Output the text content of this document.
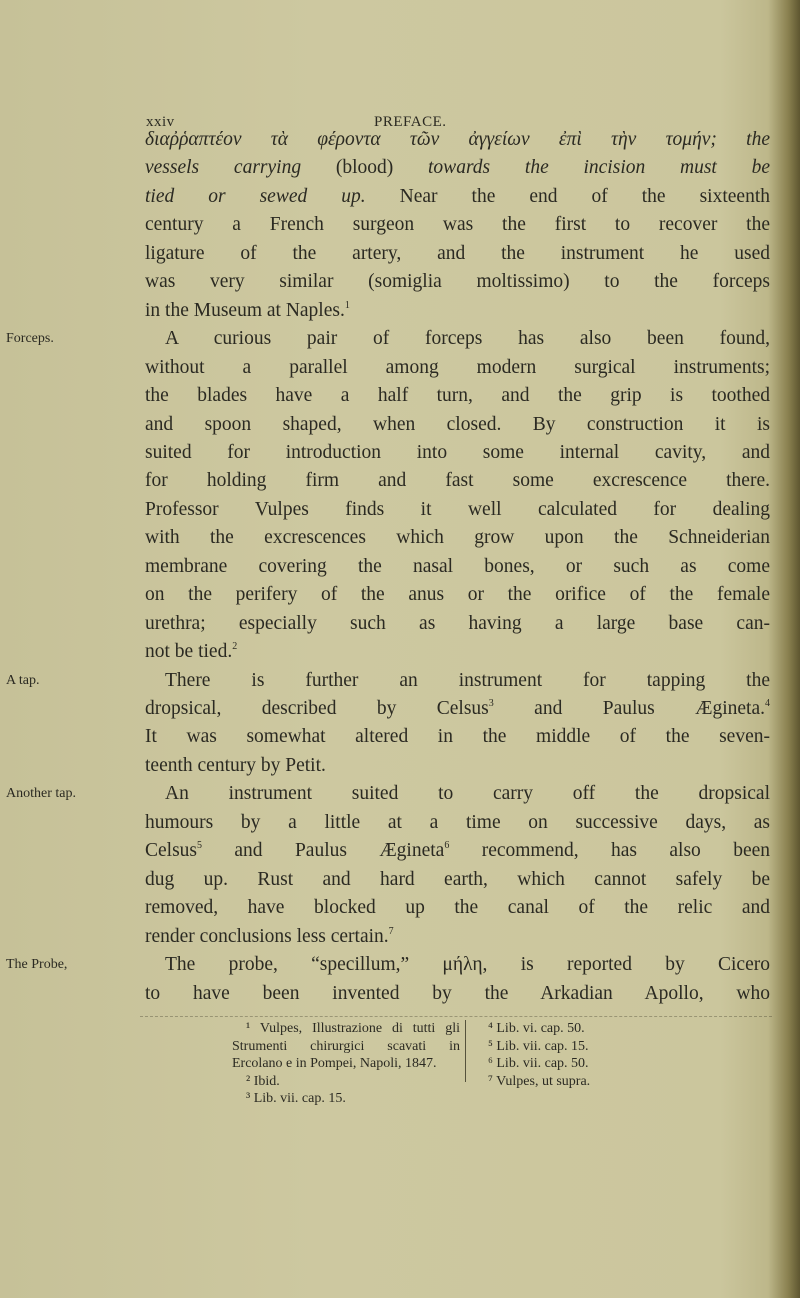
xxiv	PREFACE.
διαῤῥαπτέον τὰ φέροντα τῶν ἀγγείων ἐπὶ τὴν τομήν; the
vessels carrying (blood) towards the incision must be
tied or sewed up. Near the end of the sixteenth
century a French surgeon was the first to recover the
ligature of the artery, and the instrument he used
was very similar (somiglia moltissimo) to the forceps
in the Museum at Naples.$^1$
A curious pair of forceps has also been found,
without a parallel among modern surgical instruments;
the blades have a half turn, and the grip is toothed
and spoon shaped, when closed. By construction it is
suited for introduction into some internal cavity, and
for holding firm and fast some excrescence there.
Professor Vulpes finds it well calculated for dealing
with the excrescences which grow upon the Schneiderian
membrane covering the nasal bones, or such as come
on the perifery of the anus or the orifice of the female
urethra; especially such as having a large base can-
not be tied.$^2$
There is further an instrument for tapping the
dropsical, described by Celsus$^3$ and Paulus Ægineta.$^4$
It was somewhat altered in the middle of the seven-
teenth century by Petit.
An instrument suited to carry off the dropsical
humours by a little at a time on successive days, as
Celsus$^5$ and Paulus Ægineta$^6$ recommend, has also been
dug up. Rust and hard earth, which cannot safely be
removed, have blocked up the canal of the relic and
render conclusions less certain.$^7$
The probe, “specillum,” μήλη, is reported by Cicero
to have been invented by the Arkadian Apollo, who
Forceps.
A tap.
Another tap.
The Probe,
¹ Vulpes, Illustrazione di tutti gli
Strumenti chirurgici scavati in
Ercolano e in Pompei, Napoli, 1847.
² Ibid.
³ Lib. vii. cap. 15.
⁴ Lib. vi. cap. 50.
⁵ Lib. vii. cap. 15.
⁶ Lib. vii. cap. 50.
⁷ Vulpes, ut supra.
